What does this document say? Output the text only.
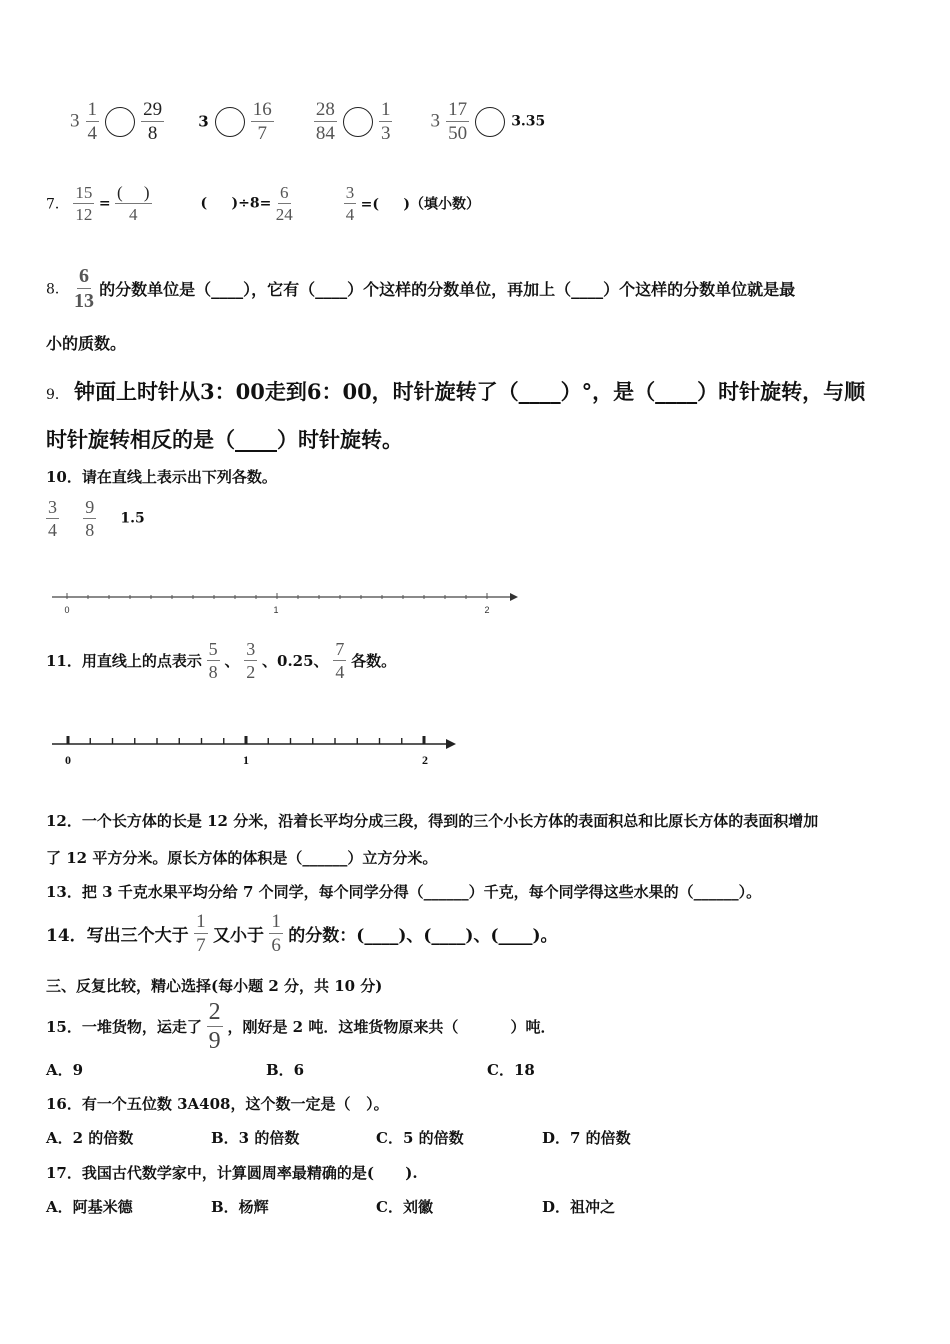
$3 \frac{1}{4}$
$\frac{29}{8} 3 \frac{16}{7}$
$\frac{28}{84}$
$\frac{1}{3} 3 \frac{17}{50}$	3.35
7． $\frac{15}{12} = \frac{( )}{4}$	(     )$\div 8= \frac{6}{24}$
	$\frac{3}{4}$ =(     )（填小数）
8． $\frac{6}{13}$ 的分数单位是（____），它有（____）个这样的分数单位，再加上（____）个这样的分数单位就是最
小的质数。
9． 钟面上时针从3：00走到6：00，时针旋转了（____）°，是（____）时针旋转，与顺
时针旋转相反的是（____）时针旋转。
10．请在直线上表示出下列各数。
$\frac{3}{4}$
$\frac{9}{8} 1.5$
0	1	2
11．用直线上的点表示 $\frac{5}{8}$ 、 $\frac{3}{2}$ 、0.25、 $\frac{7}{4}$ 各数。
0	1	2
12．一个长方体的长是 12 分米，沿着长平均分成三段，得到的三个小长方体的表面积总和比原长方体的表面积增加
了 12 平方分米。原长方体的体积是（______）立方分米。
13．把 3 千克水果平均分给 7 个同学，每个同学分得（______）千克，每个同学得这些水果的（______）。
14．写出三个大于 $\frac{1}{7}$ 又小于 $\frac{1}{6}$ 的分数：(____)、(____)、(____)。
三、反复比较，精心选择(每小题 2 分，共 10 分)
15．一堆货物，运走了 $\frac{2}{9}$ ，刚好是 2 吨．这堆货物原来共（          ）吨．
A．9	B．6	C．18
16．有一个五位数 3A408，这个数一定是（   ）。
A．2 的倍数	B．3 的倍数	C．5 的倍数	D．7 的倍数
17．我国古代数学家中，计算圆周率最精确的是(      ).
A．阿基米德	B．杨辉	C．刘徽	D．祖冲之
